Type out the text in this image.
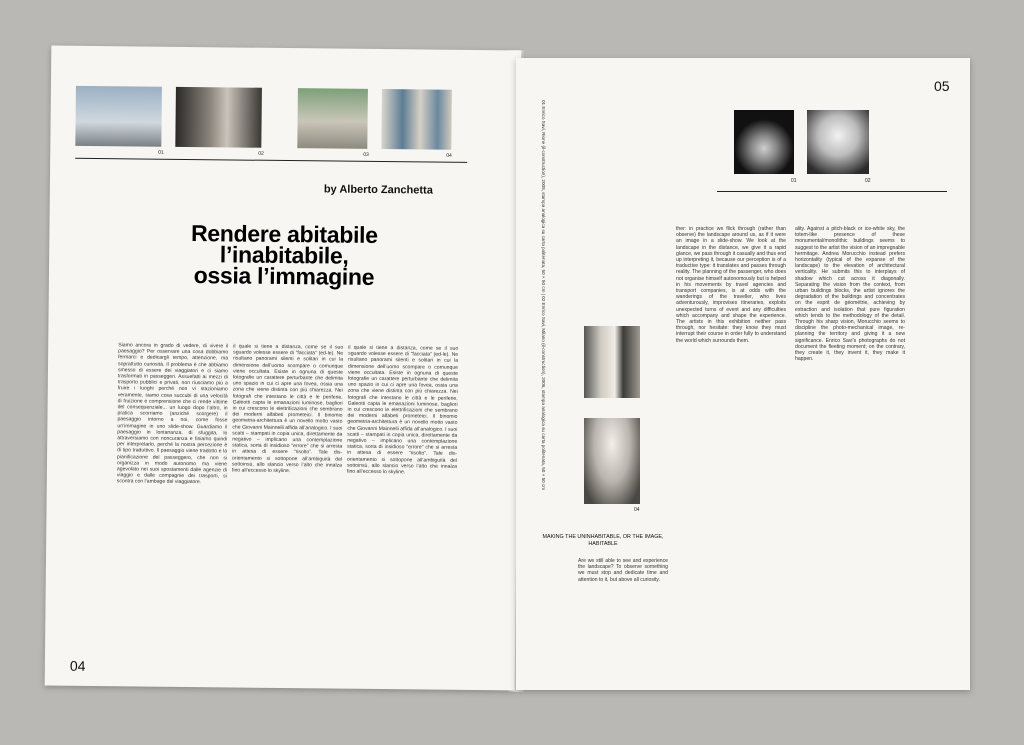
01	02	03	04
by Alberto Zanchetta
Rendere abitabile
l’inabitabile,
ossia l’immagine
Siamo ancora in grado di vedere, di vivere il paesaggio? Per osservare una cosa dobbiamo fermarci e dedicargli tempo, attenzione, ma soprattutto curiosità. Il problema è che abbiamo smesso di essere dei viaggiatori e ci siamo trasformati in passeggeri. Assuefatti ai mezzi di trasporto pubblici e privati, non riusciamo più a fruire i luoghi perché non vi stazioniamo veramente, siamo cosa succubi di una velocità di fruizione e comprensione che ci rende vittime del consequenziale... un luogo dopo l’altro, in pratica scorriamo (anziché scorgere) il paesaggio intorno a noi, come fosse un’immagine in uno slide-show. Guardiamo il paesaggio in lontananza, di sfuggita, lo attraversiamo con noncuranza e finiamo quindi per interpretarlo, perché la nostra percezione è di tipo traduttivo. Il paesaggio viene tradotto e la pianificazione del passeggero, che non si organizza in modo autonomo ma viene agevolato nei suoi spostamenti dalle agenzie di viaggio e dalle compagnie dei trasporti, si scontra con l’ambage del viaggiatore.
il quale si tiene a distanza, come se il suo sguardo volesse essere di “facciata” (ed-le). Ne risultano panorami silenti e solitari in cui la dimensione dell’uomo scompare o comunque viene occultata. Esiste in ognuna di queste fotografie un carattere perturbante che delimita uno spazio in cui ci apre una fovea, ossia una zona che viene distinta con più chiarezza. Nei fotografi che intestano le città e le periferie, Galeotti capta le emanazioni luminose, bagliori in cui crescono le elettrificazioni che sembrano dei moderni alfabeti prometeici. Il binomio geometria-architettura è un novello motto vasto che Giovanni Mainnelli affida all’analogico. I suoi scatti – stampati in copia unica, direttamente da negativo – implicano una contemplazione statica, sorta di insidioso “errore” che si arresta in attesa di essere “risolto”. Tale dis-orientamento si sottopone all’ambiguità del sottoinsù, allo slancio verso l’alto che innalza fino all’eccesso lo skyline.
il quale si tiene a distanza, come se il suo sguardo volesse essere di “facciata” (ed-le). Ne risultano panorami silenti e solitari in cui la dimensione dell’uomo scompare o comunque viene occultata. Esiste in ognuna di queste fotografie un carattere perturbante che delimita uno spazio in cui ci apre una fovea, ossia una zona che viene distinta con più chiarezza. Nei fotografi che intestano le città e le periferie, Galeotti capta le emanazioni luminose, bagliori in cui crescono le elettrificazioni che sembrano dei moderni alfabeti prometeici. Il binomio geometria-architettura è un novello motto vasto che Giovanni Mainnelli affida all’analogico. I suoi scatti – stampati in copia unica, direttamente da negativo – implicano una contemplazione statica, sorta di insidioso “errore” che si arresta in attesa di essere “risolto”. Tale dis-orientamento si sottopone all’ambiguità del sottoinsù, allo slancio verso l’alto che innalza fino all’eccesso lo skyline.
04
05
01	02
01 Enrico Savi, Rione (il-construction), 2008, stampa analogica su carta politenata, 50 × 50 cm | 02 Enrico Savi, Milano (il-construction), 2006, stampa analogica su carta politenata, 50 × 50 cm
04
MAKING THE UNINHABITABLE, OR THE IMAGE, HABITABLE
Are we still able to see and experience the landscape? To observe something we must stop and dedicate time and attention to it, but above all curiosity.
ther: in practice we flick through (rather than observe) the landscape around us, as if it were an image in a slide-show. We look at the landscape in the distance, we give it a rapid glance, we pass through it casually and thus end up interpreting it, because our perception is of a traductive type: it translates and passes through reality. The planning of the passenger, who does not organise himself autonomously but is helped in his movements by travel agencies and transport companies, is at odds with the wanderings of the traveller, who lives adventurously, improvises itineraries, exploits unexpected turns of event and any difficulties which accompany and shape the experience. The artists in this exhibition neither pass through, nor hesitate: they know they must interrupt their course in order fully to understand the world which surrounds them.
ality. Against a pitch-black or ice-white sky, the totem-like presence of these monumental/monolithic buildings seems to suggest to the artist the vision of an impregnable hermitage. Andrea Morucchio instead prefers horizontality (typical of the expanse of the landscape) to the elevation of architectural verticality. He submits this to interplays of shadow which cut across it diagonally. Separating the vision from the context, from urban buildings blocks, the artist ignores the degradation of the buildings and concentrates on the esprit de géométrie, achieving by extraction and isolation that pure figuration which tends to the methodology of the detail. Through his sharp vision, Morucchio seems to discipline the photo-mechanical image, re-planning the territory and giving it a new significance. Enrico Savi’s photographs do not document the fleeting moment; on the contrary, they create it, they invent it, they make it happen.
